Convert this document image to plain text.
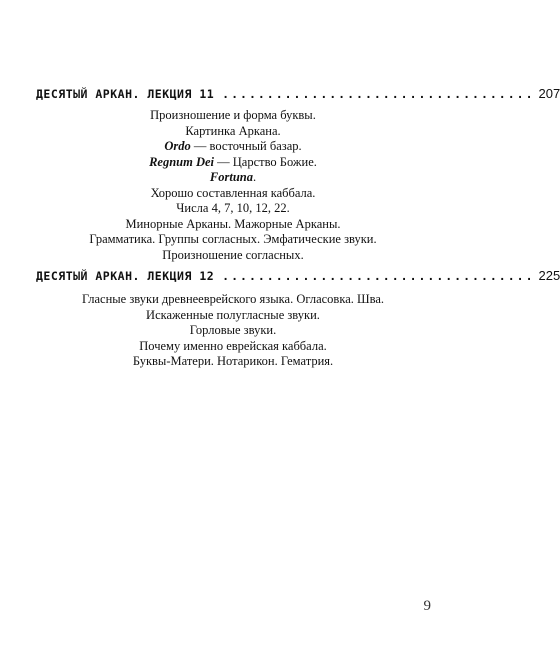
ДЕСЯТЫЙ АРКАН. ЛЕКЦИЯ 11 ................................... 207
Произношение и форма буквы.
Картинка Аркана.
Ordo — восточный базар.
Regnum Dei — Царство Божие.
Fortuna.
Хорошо составленная каббала.
Числа 4, 7, 10, 12, 22.
Минорные Арканы. Мажорные Арканы.
Грамматика. Группы согласных. Эмфатические звуки.
Произношение согласных.
ДЕСЯТЫЙ АРКАН. ЛЕКЦИЯ 12 ................................... 225
Гласные звуки древнееврейского языка. Огласовка. Шва.
Искаженные полугласные звуки.
Горловые звуки.
Почему именно еврейская каббала.
Буквы-Матери. Нотарикон. Гематрия.
9
